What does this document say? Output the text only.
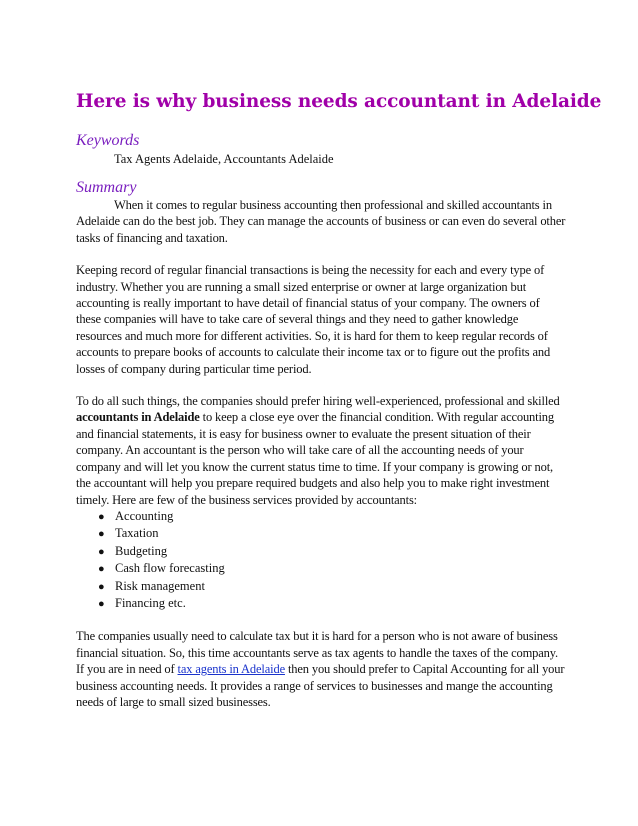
Here is why business needs accountant in Adelaide
Keywords

Tax Agents Adelaide, Accountants Adelaide

Summary

When it comes to regular business accounting then professional and skilled accountants in Adelaide can do the best job. They can manage the accounts of business or can even do several other tasks of financing and taxation.

Keeping record of regular financial transactions is being the necessity for each and every type of industry. Whether you are running a small sized enterprise or owner at large organization but accounting is really important to have detail of financial status of your company. The owners of these companies will have to take care of several things and they need to gather knowledge resources and much more for different activities. So, it is hard for them to keep regular records of accounts to prepare books of accounts to calculate their income tax or to figure out the profits and losses of company during particular time period.

To do all such things, the companies should prefer hiring well-experienced, professional and skilled accountants in Adelaide to keep a close eye over the financial condition. With regular accounting and financial statements, it is easy for business owner to evaluate the present situation of their company. An accountant is the person who will take care of all the accounting needs of your company and will let you know the current status time to time. If your company is growing or not, the accountant will help you prepare required budgets and also help you to make right investment timely. Here are few of the business services provided by accountants:

● Accounting
● Taxation
● Budgeting
● Cash flow forecasting
● Risk management
● Financing etc.

The companies usually need to calculate tax but it is hard for a person who is not aware of business financial situation. So, this time accountants serve as tax agents to handle the taxes of the company. If you are in need of tax agents in Adelaide then you should prefer to Capital Accounting for all your business accounting needs. It provides a range of services to businesses and mange the accounting needs of large to small sized businesses.
